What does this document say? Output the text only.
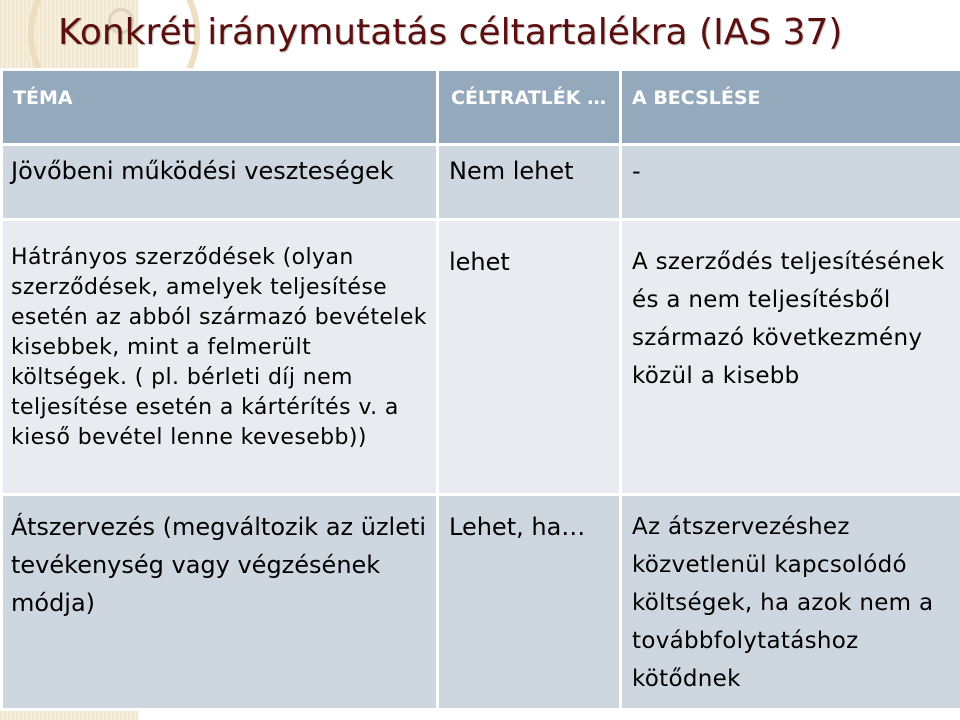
Konkrét iránymutatás céltartalékra (IAS 37)
TÉMA	CÉLTRATLÉK …	A BECSLÉSE

Jövőbeni működési veszteségek	Nem lehet	-

Hátrányos szerződések (olyan szerződések, amelyek teljesítése esetén az abból származó bevételek kisebbek, mint a felmerült költségek. ( pl. bérleti díj nem teljesítése esetén a kártérítés v. a kieső bevétel lenne kevesebb))	lehet	A szerződés teljesítésének és a nem teljesítésből származó következmény közül a kisebb

Átszervezés (megváltozik az üzleti tevékenység vagy végzésének módja)	Lehet, ha…	Az átszervezéshez közvetlenül kapcsolódó költségek, ha azok nem a továbbfolytatáshoz kötődnek
